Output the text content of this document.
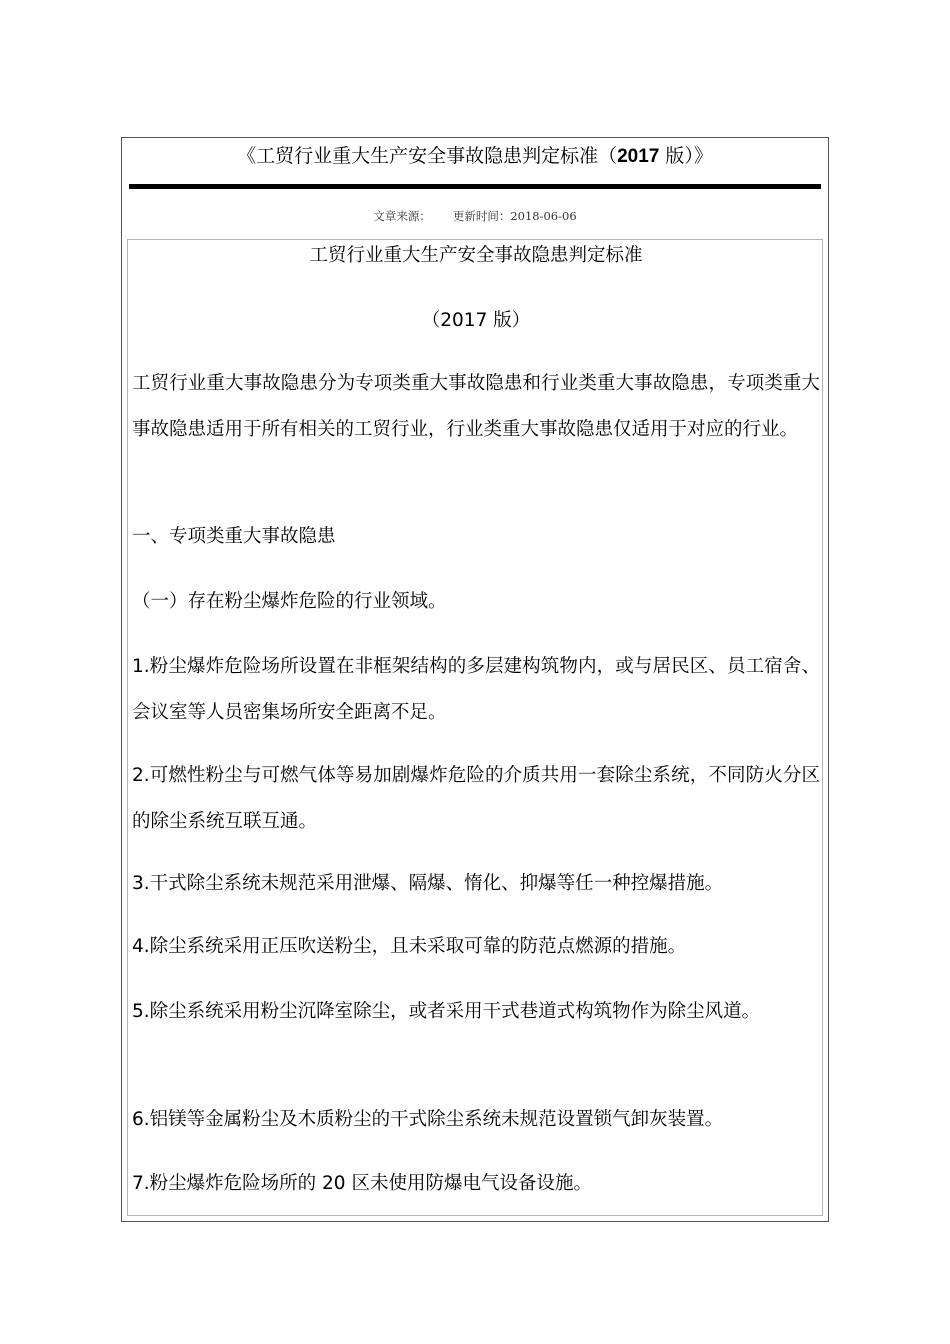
《工贸行业重大生产安全事故隐患判定标准（2017 版）》
文章来源： 更新时间：2018-06-06

工贸行业重大生产安全事故隐患判定标准

（2017 版）

工贸行业重大事故隐患分为专项类重大事故隐患和行业类重大事故隐患，专项类重大事故隐患适用于所有相关的工贸行业，行业类重大事故隐患仅适用于对应的行业。

一、专项类重大事故隐患

（一）存在粉尘爆炸危险的行业领域。

1.粉尘爆炸危险场所设置在非框架结构的多层建构筑物内，或与居民区、员工宿舍、会议室等人员密集场所安全距离不足。

2.可燃性粉尘与可燃气体等易加剧爆炸危险的介质共用一套除尘系统，不同防火分区的除尘系统互联互通。

3.干式除尘系统未规范采用泄爆、隔爆、惰化、抑爆等任一种控爆措施。

4.除尘系统采用正压吹送粉尘，且未采取可靠的防范点燃源的措施。

5.除尘系统采用粉尘沉降室除尘，或者采用干式巷道式构筑物作为除尘风道。

6.铝镁等金属粉尘及木质粉尘的干式除尘系统未规范设置锁气卸灰装置。

7.粉尘爆炸危险场所的 20 区未使用防爆电气设备设施。
